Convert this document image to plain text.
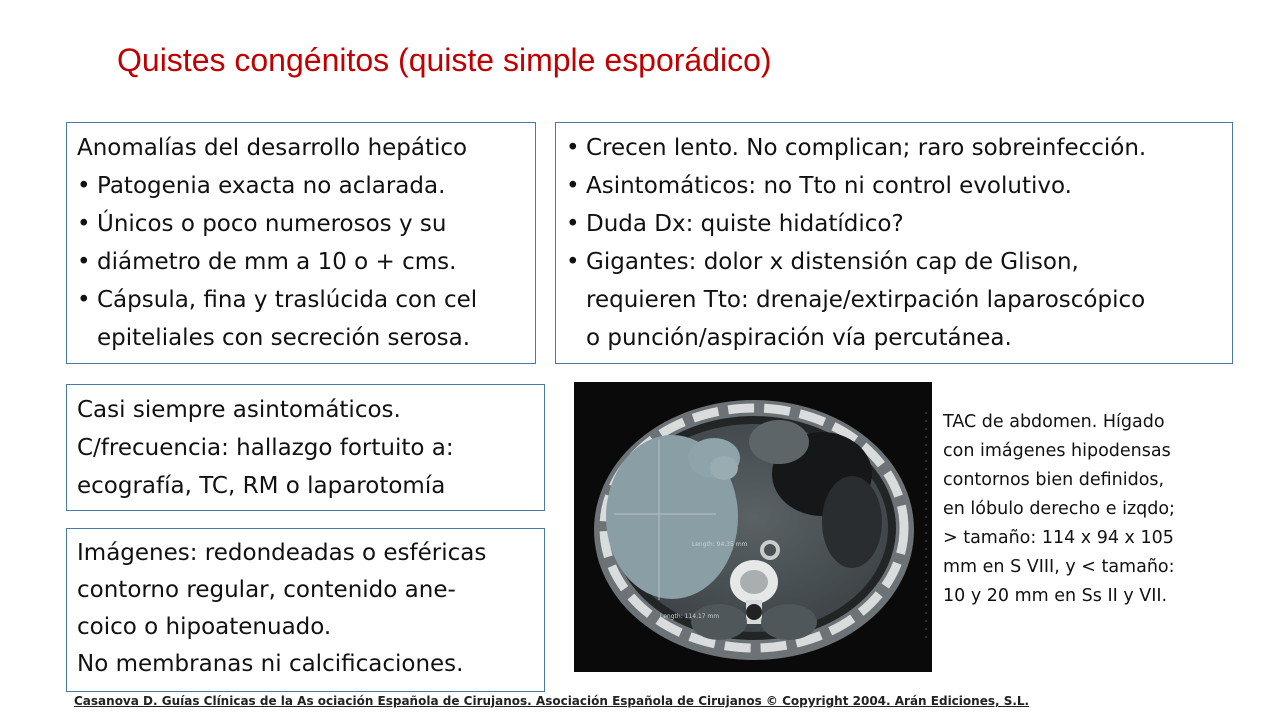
Quistes congénitos (quiste simple esporádico)
Anomalías del desarrollo hepático
• Patogenia exacta no aclarada.
• Únicos o poco numerosos y su
• diámetro de mm a 10 o + cms.
• Cápsula, fina y traslúcida con cel
epiteliales con secreción serosa.
• Crecen lento. No complican; raro sobreinfección.
• Asintomáticos: no Tto ni control evolutivo.
• Duda Dx: quiste hidatídico?
• Gigantes: dolor x distensión cap de Glison,
requieren Tto: drenaje/extirpación laparoscópico
o punción/aspiración vía percutánea.
Casi siempre asintomáticos.
C/frecuencia: hallazgo fortuito a:
ecografía, TC, RM o laparotomía
Imágenes: redondeadas o esféricas
contorno regular, contenido ane-
coico o hipoatenuado.
No membranas ni calcificaciones.
Length: 94.35 mm
Length: 114.17 mm
TAC de abdomen. Hígado
con imágenes hipodensas
contornos bien definidos,
en lóbulo derecho e izqdo;
> tamaño: 114 x 94 x 105
mm en S VIII, y < tamaño:
10 y 20 mm en Ss II y VII.
Casanova D. Guías Clínicas de la As ociación Española de Cirujanos. Asociación Española de Cirujanos © Copyright 2004. Arán Ediciones, S.L.
